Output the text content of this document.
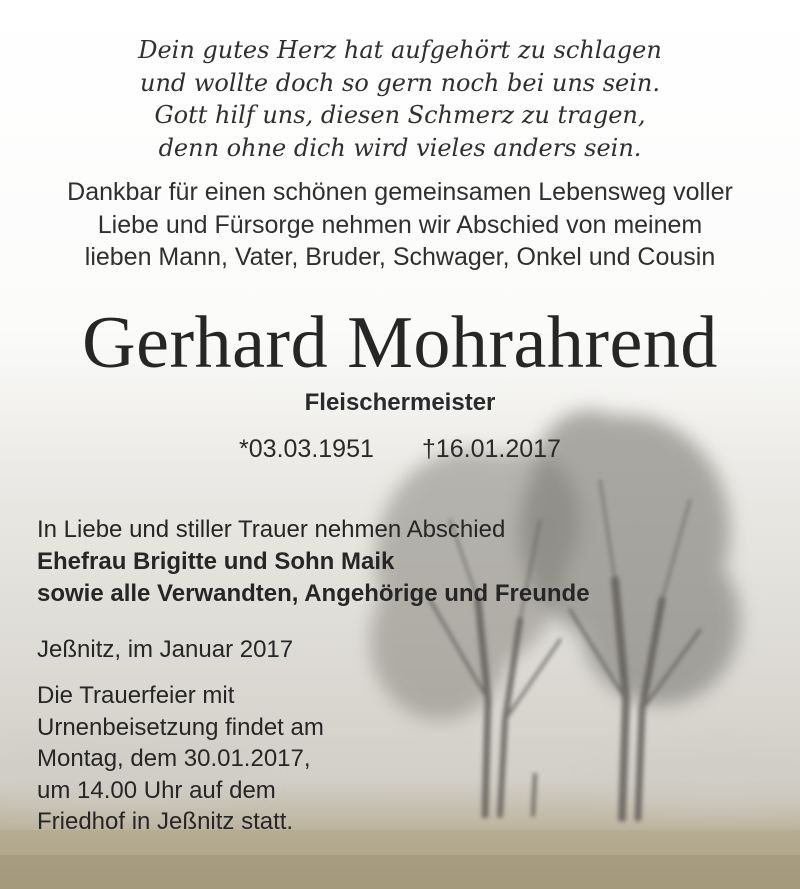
Dein gutes Herz hat aufgehört zu schlagen
und wollte doch so gern noch bei uns sein.
Gott hilf uns, diesen Schmerz zu tragen,
denn ohne dich wird vieles anders sein.
Dankbar für einen schönen gemeinsamen Lebensweg voller
Liebe und Fürsorge nehmen wir Abschied von meinem
lieben Mann, Vater, Bruder, Schwager, Onkel und Cousin
Gerhard Mohrahrend
Fleischermeister
*03.03.1951 †16.01.2017
In Liebe und stiller Trauer nehmen Abschied
Ehefrau Brigitte und Sohn Maik
sowie alle Verwandten, Angehörige und Freunde
Jeßnitz, im Januar 2017
Die Trauerfeier mit
Urnenbeisetzung findet am
Montag, dem 30.01.2017,
um 14.00 Uhr auf dem
Friedhof in Jeßnitz statt.
